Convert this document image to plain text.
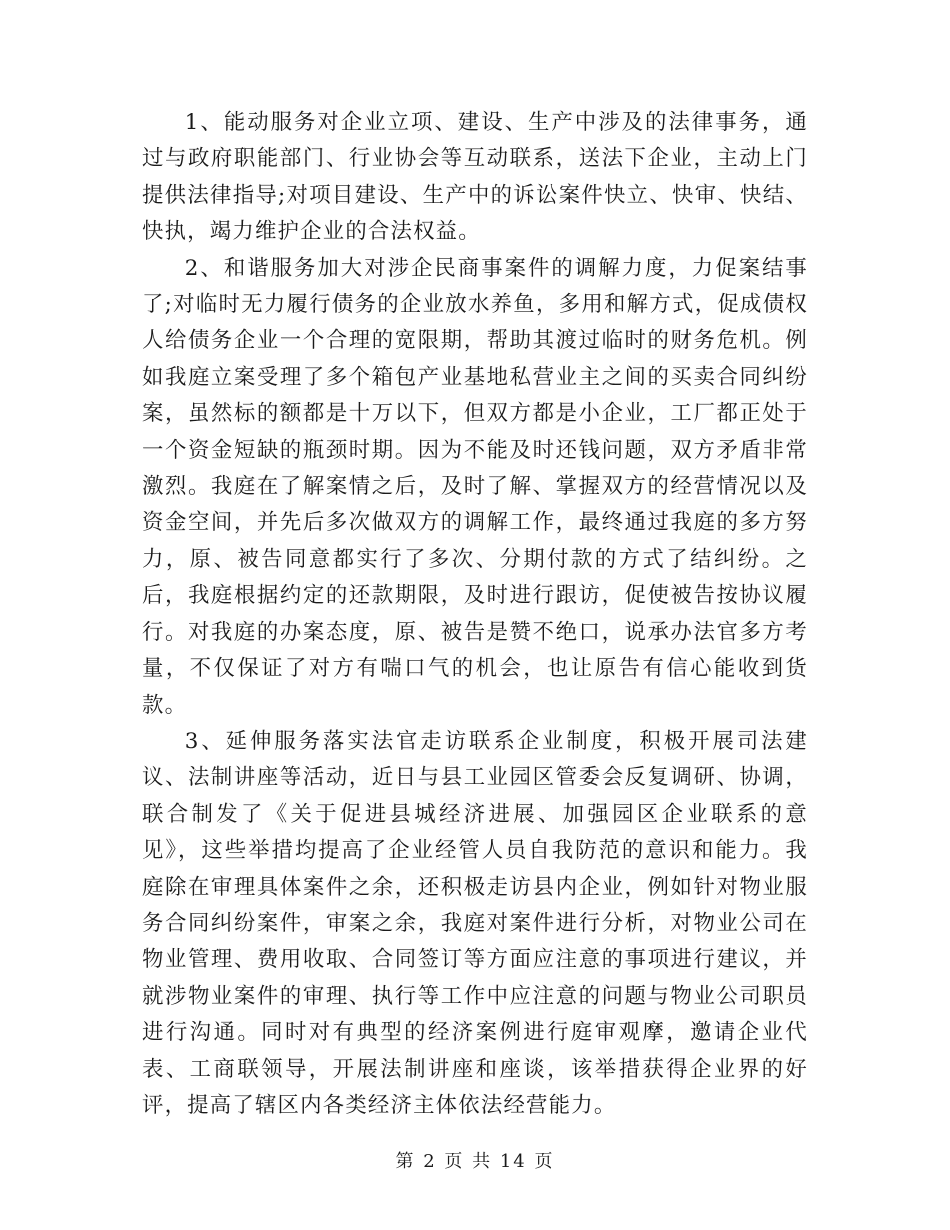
1、能动服务对企业立项、建设、生产中涉及的法律事务，通过与政府职能部门、行业协会等互动联系，送法下企业，主动上门提供法律指导;对项目建设、生产中的诉讼案件快立、快审、快结、快执，竭力维护企业的合法权益。

2、和谐服务加大对涉企民商事案件的调解力度，力促案结事了;对临时无力履行债务的企业放水养鱼，多用和解方式，促成债权人给债务企业一个合理的宽限期，帮助其渡过临时的财务危机。例如我庭立案受理了多个箱包产业基地私营业主之间的买卖合同纠纷案，虽然标的额都是十万以下，但双方都是小企业，工厂都正处于一个资金短缺的瓶颈时期。因为不能及时还钱问题，双方矛盾非常激烈。我庭在了解案情之后，及时了解、掌握双方的经营情况以及资金空间，并先后多次做双方的调解工作，最终通过我庭的多方努力，原、被告同意都实行了多次、分期付款的方式了结纠纷。之后，我庭根据约定的还款期限，及时进行跟访，促使被告按协议履行。对我庭的办案态度，原、被告是赞不绝口，说承办法官多方考量，不仅保证了对方有喘口气的机会，也让原告有信心能收到货款。

3、延伸服务落实法官走访联系企业制度，积极开展司法建议、法制讲座等活动，近日与县工业园区管委会反复调研、协调，联合制发了《关于促进县城经济进展、加强园区企业联系的意见》，这些举措均提高了企业经管人员自我防范的意识和能力。我庭除在审理具体案件之余，还积极走访县内企业，例如针对物业服务合同纠纷案件，审案之余，我庭对案件进行分析，对物业公司在物业管理、费用收取、合同签订等方面应注意的事项进行建议，并就涉物业案件的审理、执行等工作中应注意的问题与物业公司职员进行沟通。同时对有典型的经济案例进行庭审观摩，邀请企业代表、工商联领导，开展法制讲座和座谈，该举措获得企业界的好评，提高了辖区内各类经济主体依法经营能力。

第 2 页 共 14 页
